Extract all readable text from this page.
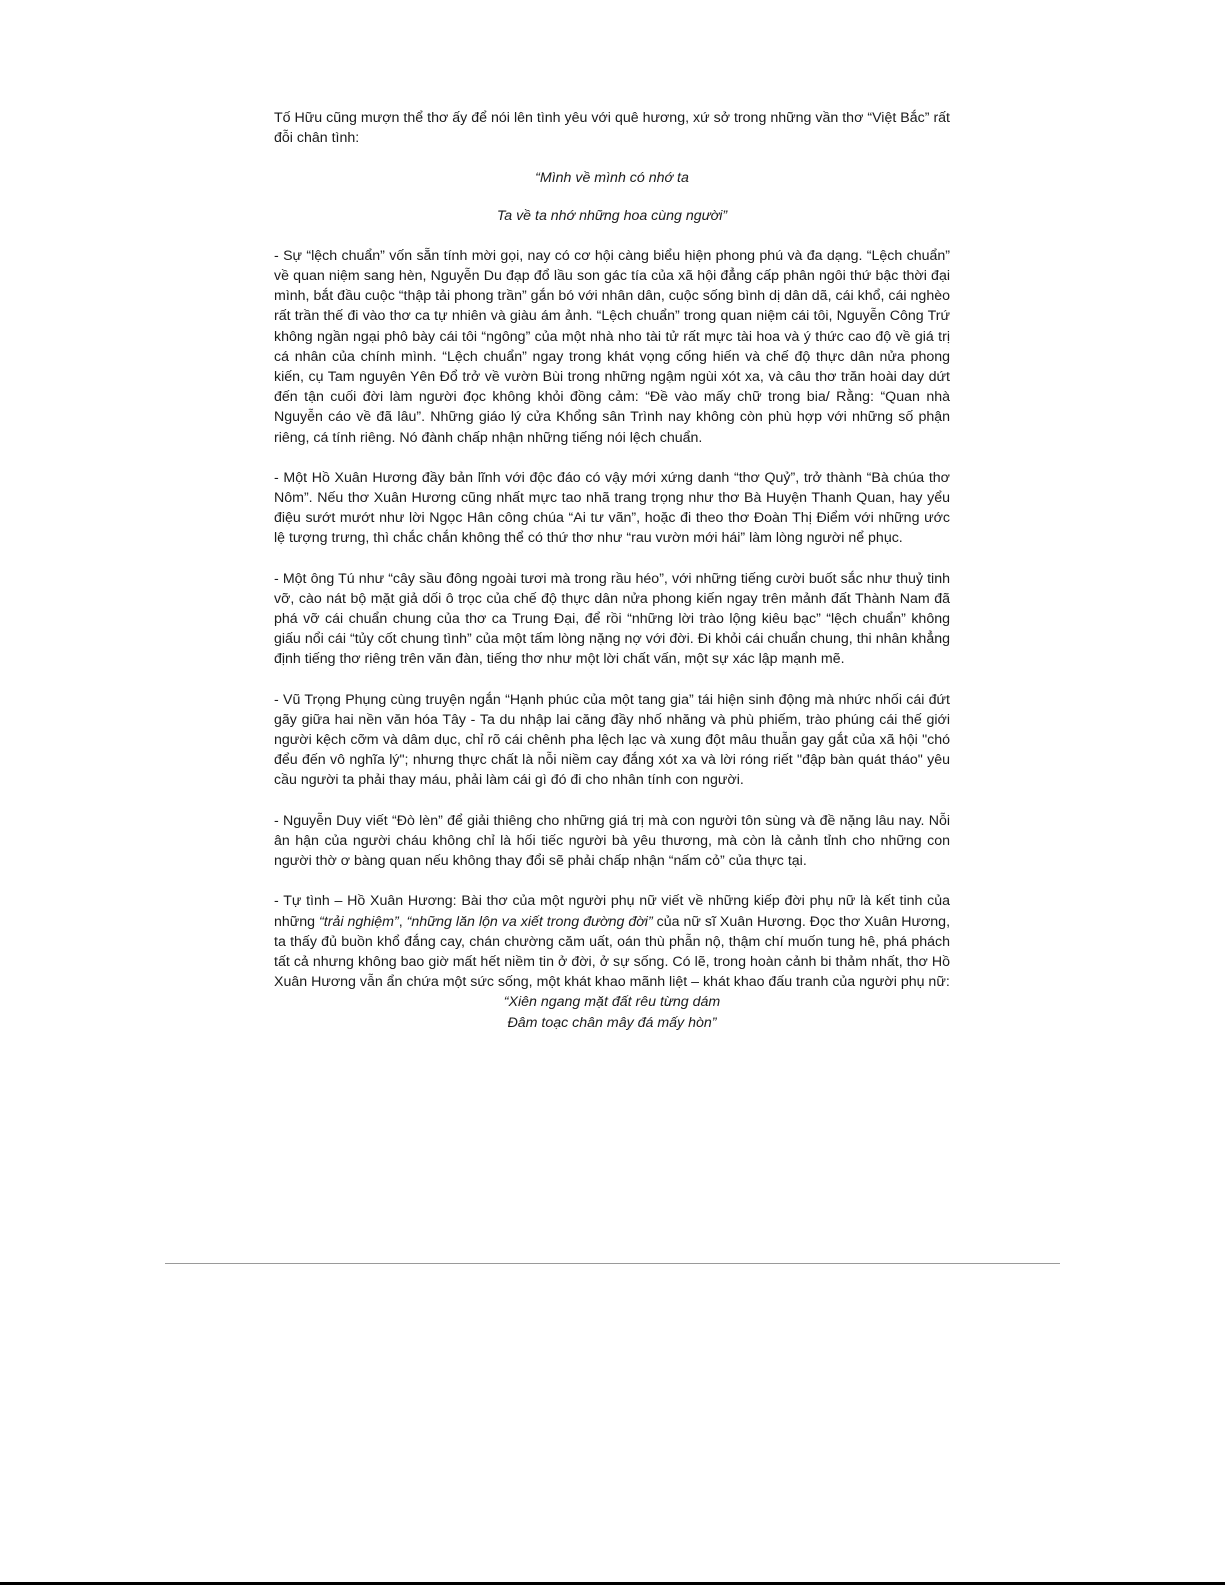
Tố Hữu cũng mượn thể thơ ấy để nói lên tình yêu với quê hương, xứ sở trong những vần thơ “Việt Bắc” rất đỗi chân tình:

“Mình về mình có nhớ ta

Ta về ta nhớ những hoa cùng người”

- Sự “lệch chuẩn” vốn sẵn tính mời gọi, nay có cơ hội càng biểu hiện phong phú và đa dạng. “Lệch chuẩn” về quan niệm sang hèn, Nguyễn Du đạp đổ lầu son gác tía của xã hội đẳng cấp phân ngôi thứ bậc thời đại mình, bắt đầu cuộc “thập tải phong trần” gắn bó với nhân dân, cuộc sống bình dị dân dã, cái khổ, cái nghèo rất trần thế đi vào thơ ca tự nhiên và giàu ám ảnh. “Lệch chuẩn” trong quan niệm cái tôi, Nguyễn Công Trứ không ngần ngại phô bày cái tôi “ngông” của một nhà nho tài tử rất mực tài hoa và ý thức cao độ về giá trị cá nhân của chính mình. “Lệch chuẩn” ngay trong khát vọng cống hiến và chế độ thực dân nửa phong kiến, cụ Tam nguyên Yên Đổ trở về vườn Bùi trong những ngậm ngùi xót xa, và câu thơ trăn hoài day dứt đến tận cuối đời làm người đọc không khỏi đồng cảm: “Đề vào mấy chữ trong bia/ Rằng: “Quan nhà Nguyễn cáo về đã lâu”. Những giáo lý cửa Khổng sân Trình nay không còn phù hợp với những số phận riêng, cá tính riêng. Nó đành chấp nhận những tiếng nói lệch chuẩn.

- Một Hồ Xuân Hương đầy bản lĩnh với độc đáo có vậy mới xứng danh “thơ Quỷ”, trở thành “Bà chúa thơ Nôm”. Nếu thơ Xuân Hương cũng nhất mực tao nhã trang trọng như thơ Bà Huyện Thanh Quan, hay yểu điệu sướt mướt như lời Ngọc Hân công chúa “Ai tư vãn”, hoặc đi theo thơ Đoàn Thị Điểm với những ước lệ tượng trưng, thì chắc chắn không thể có thứ thơ như “rau vườn mới hái” làm lòng người nể phục.

- Một ông Tú như “cây sầu đông ngoài tươi mà trong rầu héo”, với những tiếng cười buốt sắc như thuỷ tinh vỡ, cào nát bộ mặt giả dối ô trọc của chế độ thực dân nửa phong kiến ngay trên mảnh đất Thành Nam đã phá vỡ cái chuẩn chung của thơ ca Trung Đại, để rồi “những lời trào lộng kiêu bạc” “lệch chuẩn” không giấu nổi cái “tủy cốt chung tình” của một tấm lòng nặng nợ với đời. Đi khỏi cái chuẩn chung, thi nhân khẳng định tiếng thơ riêng trên văn đàn, tiếng thơ như một lời chất vấn, một sự xác lập mạnh mẽ.

- Vũ Trọng Phụng cùng truyện ngắn “Hạnh phúc của một tang gia” tái hiện sinh động mà nhức nhối cái đứt gãy giữa hai nền văn hóa Tây - Ta du nhập lai căng đầy nhố nhăng và phù phiếm, trào phúng cái thế giới người kệch cỡm và dâm dục, chỉ rõ cái chênh pha lệch lạc và xung đột mâu thuẫn gay gắt của xã hội "chó đểu đến vô nghĩa lý"; nhưng thực chất là nỗi niềm cay đắng xót xa và lời róng riết "đập bàn quát tháo" yêu cầu người ta phải thay máu, phải làm cái gì đó đi cho nhân tính con người.

- Nguyễn Duy viết “Đò lèn” để giải thiêng cho những giá trị mà con người tôn sùng và đề nặng lâu nay. Nỗi ân hận của người cháu không chỉ là hối tiếc người bà yêu thương, mà còn là cảnh tỉnh cho những con người thờ ơ bàng quan nếu không thay đổi sẽ phải chấp nhận “nấm cỏ” của thực tại.

- Tự tình – Hồ Xuân Hương: Bài thơ của một người phụ nữ viết về những kiếp đời phụ nữ là kết tinh của những “trải nghiệm”, “những lăn lộn va xiết trong đường đời” của nữ sĩ Xuân Hương. Đọc thơ Xuân Hương, ta thấy đủ buồn khổ đắng cay, chán chường căm uất, oán thù phẫn nộ, thậm chí muốn tung hê, phá phách tất cả nhưng không bao giờ mất hết niềm tin ở đời, ở sự sống. Có lẽ, trong hoàn cảnh bi thảm nhất, thơ Hồ Xuân Hương vẫn ẩn chứa một sức sống, một khát khao mãnh liệt – khát khao đấu tranh của người phụ nữ:

“Xiên ngang mặt đất rêu từng dám

Đâm toạc chân mây đá mấy hòn”
